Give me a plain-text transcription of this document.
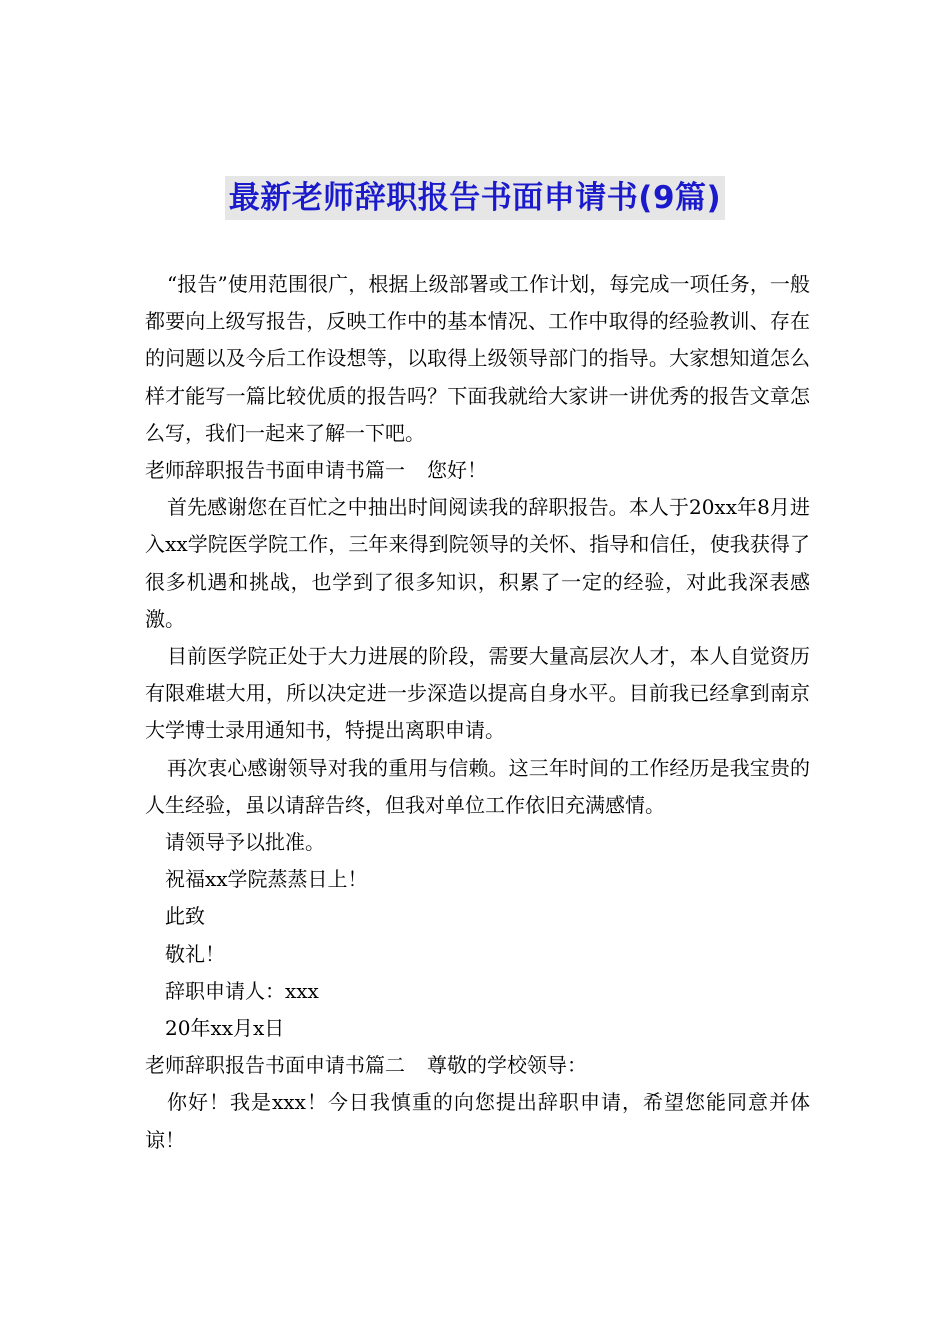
最新老师辞职报告书面申请书(9篇)

“报告”使用范围很广，根据上级部署或工作计划，每完成一项任务，一般都要向上级写报告，反映工作中的基本情况、工作中取得的经验教训、存在的问题以及今后工作设想等，以取得上级领导部门的指导。大家想知道怎么样才能写一篇比较优质的报告吗？下面我就给大家讲一讲优秀的报告文章怎么写，我们一起来了解一下吧。

老师辞职报告书面申请书篇一 您好！

首先感谢您在百忙之中抽出时间阅读我的辞职报告。本人于20xx年8月进入xx学院医学院工作，三年来得到院领导的关怀、指导和信任，使我获得了很多机遇和挑战，也学到了很多知识，积累了一定的经验，对此我深表感激。

目前医学院正处于大力进展的阶段，需要大量高层次人才，本人自觉资历有限难堪大用，所以决定进一步深造以提高自身水平。目前我已经拿到南京大学博士录用通知书，特提出离职申请。

再次衷心感谢领导对我的重用与信赖。这三年时间的工作经历是我宝贵的人生经验，虽以请辞告终，但我对单位工作依旧充满感情。

请领导予以批准。

祝福xx学院蒸蒸日上！

此致

敬礼！

辞职申请人：xxx

20年xx月x日

老师辞职报告书面申请书篇二 尊敬的学校领导：

你好！我是xxx！今日我慎重的向您提出辞职申请，希望您能同意并体谅！
